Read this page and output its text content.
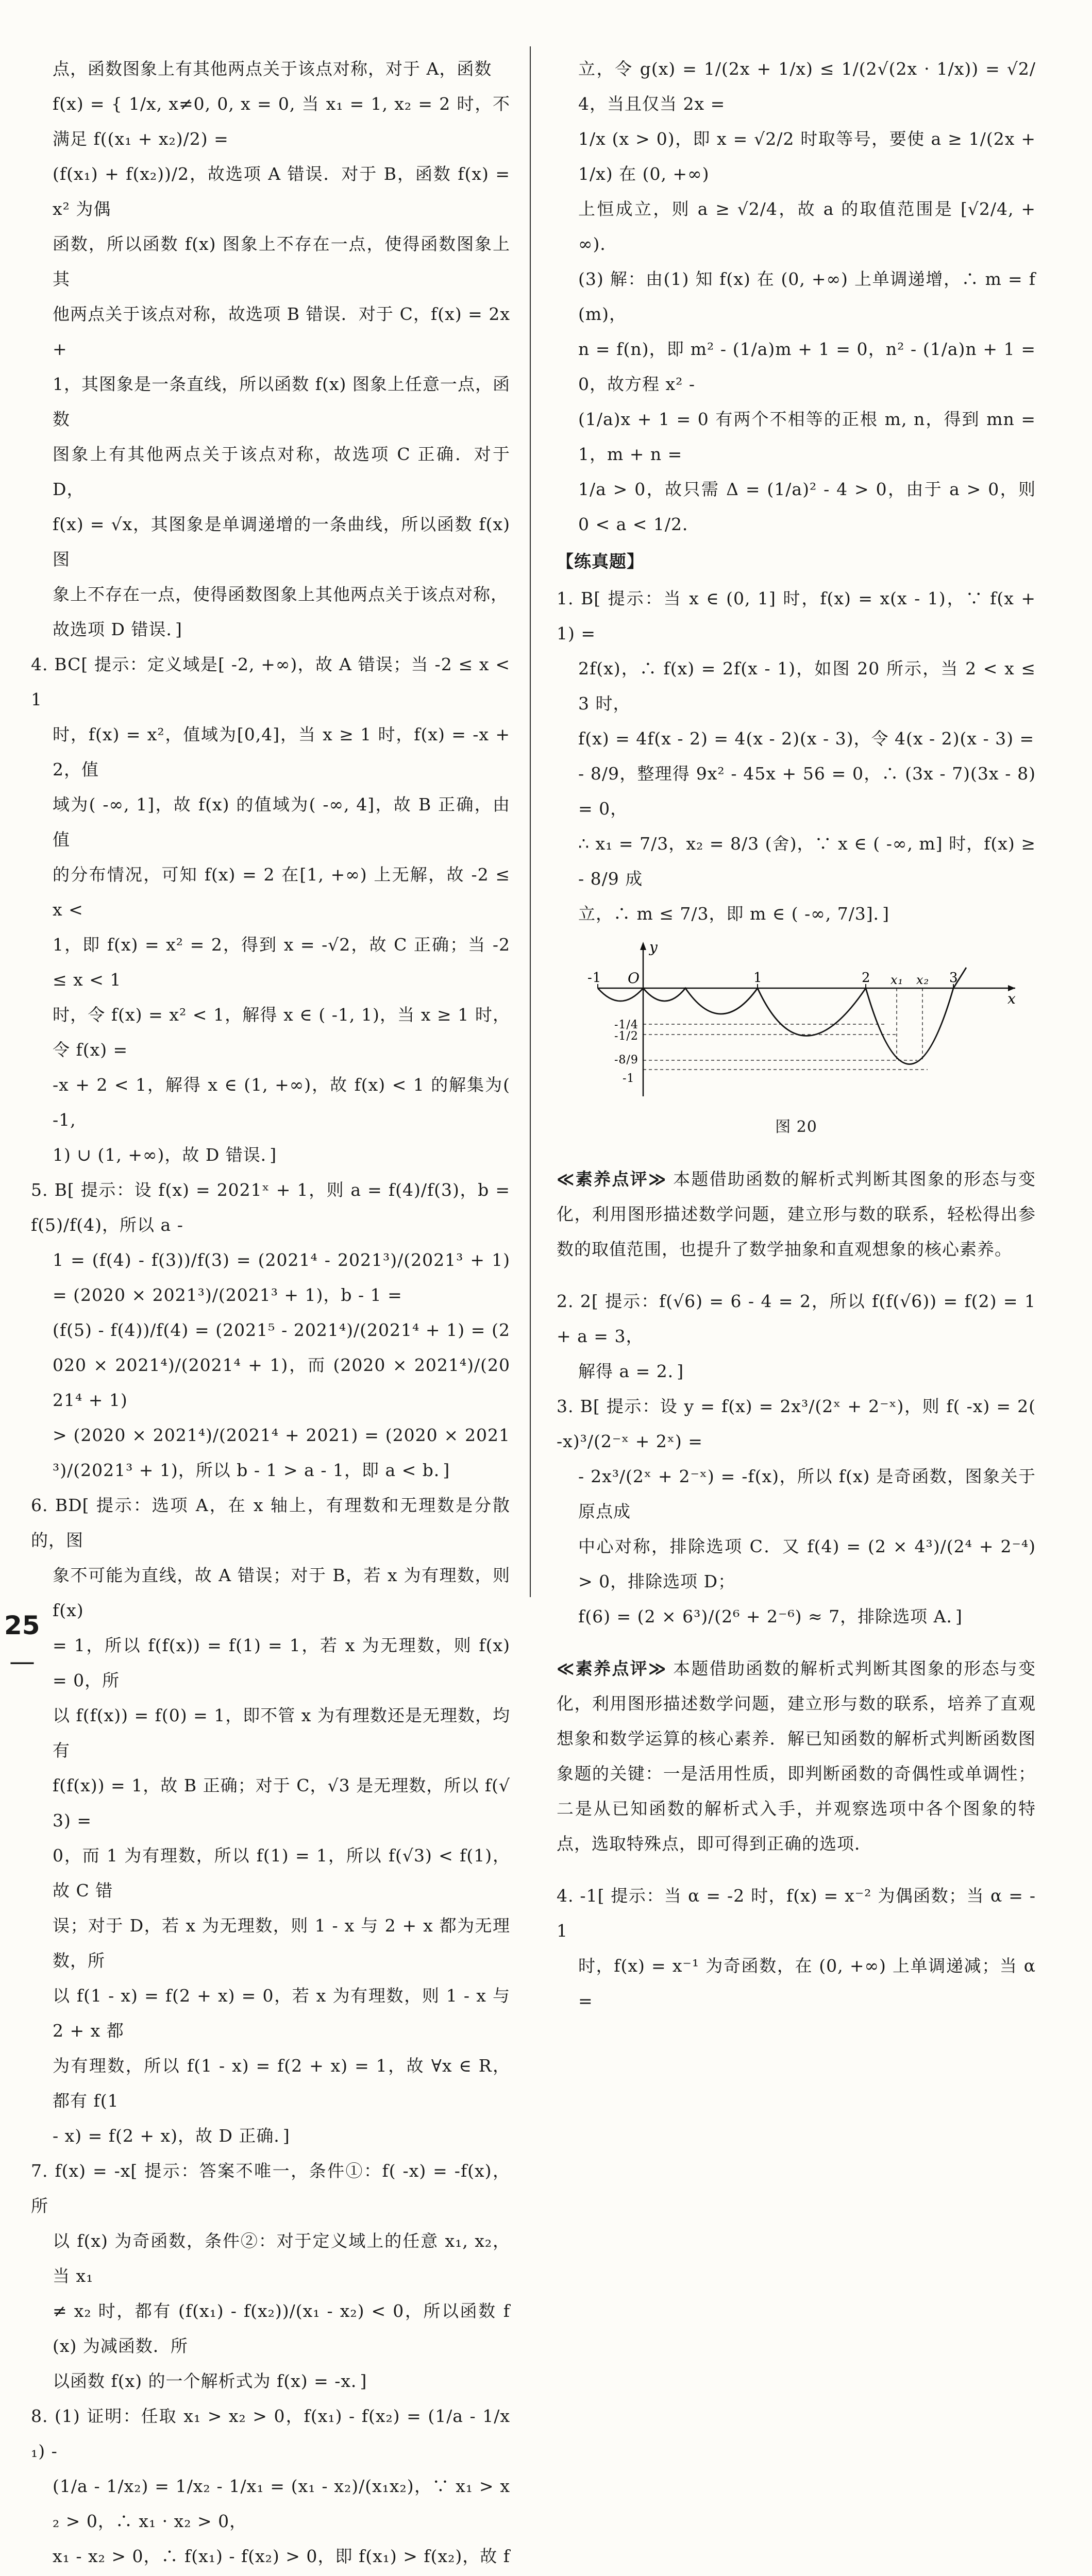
点，函数图象上有其他两点关于该点对称，对于 A，函数

f(x) = { 1/x, x≠0, 0, x = 0, 当 x₁ = 1, x₂ = 2 时，不满足 f((x₁ + x₂)/2) =

(f(x₁) + f(x₂))/2，故选项 A 错误．对于 B，函数 f(x) = x² 为偶

函数，所以函数 f(x) 图象上不存在一点，使得函数图象上其

他两点关于该点对称，故选项 B 错误．对于 C，f(x) = 2x +

1，其图象是一条直线，所以函数 f(x) 图象上任意一点，函数

图象上有其他两点关于该点对称，故选项 C 正确．对于 D，

f(x) = √x，其图象是单调递增的一条曲线，所以函数 f(x) 图

象上不存在一点，使得函数图象上其他两点关于该点对称，

故选项 D 错误．]

4. BC[ 提示：定义域是[ -2, +∞)，故 A 错误；当 -2 ≤ x < 1

时，f(x) = x²，值域为[0,4]，当 x ≥ 1 时，f(x) = -x + 2，值

域为( -∞, 1]，故 f(x) 的值域为( -∞, 4]，故 B 正确，由值

的分布情况，可知 f(x) = 2 在[1, +∞) 上无解，故 -2 ≤ x <

1，即 f(x) = x² = 2，得到 x = -√2，故 C 正确；当 -2 ≤ x < 1

时，令 f(x) = x² < 1，解得 x ∈ ( -1, 1)，当 x ≥ 1 时，令 f(x) =

-x + 2 < 1，解得 x ∈ (1, +∞)，故 f(x) < 1 的解集为( -1,

1) ∪ (1, +∞)，故 D 错误．]

5. B[ 提示：设 f(x) = 2021ˣ + 1，则 a = f(4)/f(3)，b = f(5)/f(4)，所以 a -

1 = (f(4) - f(3))/f(3) = (2021⁴ - 2021³)/(2021³ + 1) = (2020 × 2021³)/(2021³ + 1)，b - 1 =

(f(5) - f(4))/f(4) = (2021⁵ - 2021⁴)/(2021⁴ + 1) = (2020 × 2021⁴)/(2021⁴ + 1)，而 (2020 × 2021⁴)/(2021⁴ + 1)

> (2020 × 2021⁴)/(2021⁴ + 2021) = (2020 × 2021³)/(2021³ + 1)，所以 b - 1 > a - 1，即 a < b．]

6. BD[ 提示：选项 A，在 x 轴上，有理数和无理数是分散的，图

象不可能为直线，故 A 错误；对于 B，若 x 为有理数，则 f(x)

= 1，所以 f(f(x)) = f(1) = 1，若 x 为无理数，则 f(x) = 0，所

以 f(f(x)) = f(0) = 1，即不管 x 为有理数还是无理数，均有

f(f(x)) = 1，故 B 正确；对于 C，√3 是无理数，所以 f(√3) =

0，而 1 为有理数，所以 f(1) = 1，所以 f(√3) < f(1)，故 C 错

误；对于 D，若 x 为无理数，则 1 - x 与 2 + x 都为无理数，所

以 f(1 - x) = f(2 + x) = 0，若 x 为有理数，则 1 - x 与 2 + x 都

为有理数，所以 f(1 - x) = f(2 + x) = 1，故 ∀x ∈ R，都有 f(1

- x) = f(2 + x)，故 D 正确．]

7. f(x) = -x[ 提示：答案不唯一，条件①：f( -x) = -f(x)，所

以 f(x) 为奇函数，条件②：对于定义域上的任意 x₁, x₂，当 x₁

≠ x₂ 时，都有 (f(x₁) - f(x₂))/(x₁ - x₂) < 0，所以函数 f(x) 为减函数．所

以函数 f(x) 的一个解析式为 f(x) = -x．]

8. (1) 证明：任取 x₁ > x₂ > 0，f(x₁) - f(x₂) = (1/a - 1/x₁) -

(1/a - 1/x₂) = 1/x₂ - 1/x₁ = (x₁ - x₂)/(x₁x₂)，∵ x₁ > x₂ > 0，∴ x₁ · x₂ > 0，

x₁ - x₂ > 0，∴ f(x₁) - f(x₂) > 0，即 f(x₁) > f(x₂)，故 f

立，令 g(x) = 1/(2x + 1/x) ≤ 1/(2√(2x · 1/x)) = √2/4，当且仅当 2x =

1/x (x > 0)，即 x = √2/2 时取等号，要使 a ≥ 1/(2x + 1/x) 在 (0, +∞)

上恒成立，则 a ≥ √2/4，故 a 的取值范围是 [√2/4, +∞)．

(3) 解：由(1) 知 f(x) 在 (0, +∞) 上单调递增，∴ m = f(m)，

n = f(n)，即 m² - (1/a)m + 1 = 0，n² - (1/a)n + 1 = 0，故方程 x² -

(1/a)x + 1 = 0 有两个不相等的正根 m, n，得到 mn = 1，m + n =

1/a > 0，故只需 Δ = (1/a)² - 4 > 0，由于 a > 0，则 0 < a < 1/2．

【练真题】

1. B[ 提示：当 x ∈ (0, 1] 时，f(x) = x(x - 1)，∵ f(x + 1) =

2f(x)，∴ f(x) = 2f(x - 1)，如图 20 所示，当 2 < x ≤ 3 时，

f(x) = 4f(x - 2) = 4(x - 2)(x - 3)，令 4(x - 2)(x - 3) =

- 8/9，整理得 9x² - 45x + 56 = 0，∴ (3x - 7)(3x - 8) = 0，

∴ x₁ = 7/3，x₂ = 8/3 (舍)，∵ x ∈ ( -∞, m] 时，f(x) ≥ - 8/9 成

立，∴ m ≤ 7/3，即 m ∈ ( -∞, 7/3]．]

x
y
O
-1	1	2 x₁ x₂ 3
-1/4
-1/2
-8/9
-1
图 20

≪素养点评≫ 本题借助函数的解析式判断其图象的形态与变化，利用图形描述数学问题，建立形与数的联系，轻松得出参数的取值范围，也提升了数学抽象和直观想象的核心素养。

2. 2[ 提示：f(√6) = 6 - 4 = 2，所以 f(f(√6)) = f(2) = 1 + a = 3，

解得 a = 2．]

3. B[ 提示：设 y = f(x) = 2x³/(2ˣ + 2⁻ˣ)，则 f( -x) = 2( -x)³/(2⁻ˣ + 2ˣ) =

- 2x³/(2ˣ + 2⁻ˣ) = -f(x)，所以 f(x) 是奇函数，图象关于原点成

中心对称，排除选项 C．又 f(4) = (2 × 4³)/(2⁴ + 2⁻⁴) > 0，排除选项 D；

f(6) = (2 × 6³)/(2⁶ + 2⁻⁶) ≈ 7，排除选项 A．]

≪素养点评≫ 本题借助函数的解析式判断其图象的形态与变化，利用图形描述数学问题，建立形与数的联系，培养了直观想象和数学运算的核心素养．解已知函数的解析式判断函数图象题的关键：一是活用性质，即判断函数的奇偶性或单调性；二是从已知函数的解析式入手，并观察选项中各个图象的特点，选取特殊点，即可得到正确的选项．

4. -1[ 提示：当 α = -2 时，f(x) = x⁻² 为偶函数；当 α = -1

时，f(x) = x⁻¹ 为奇函数，在 (0, +∞) 上单调递减；当 α =

25—
